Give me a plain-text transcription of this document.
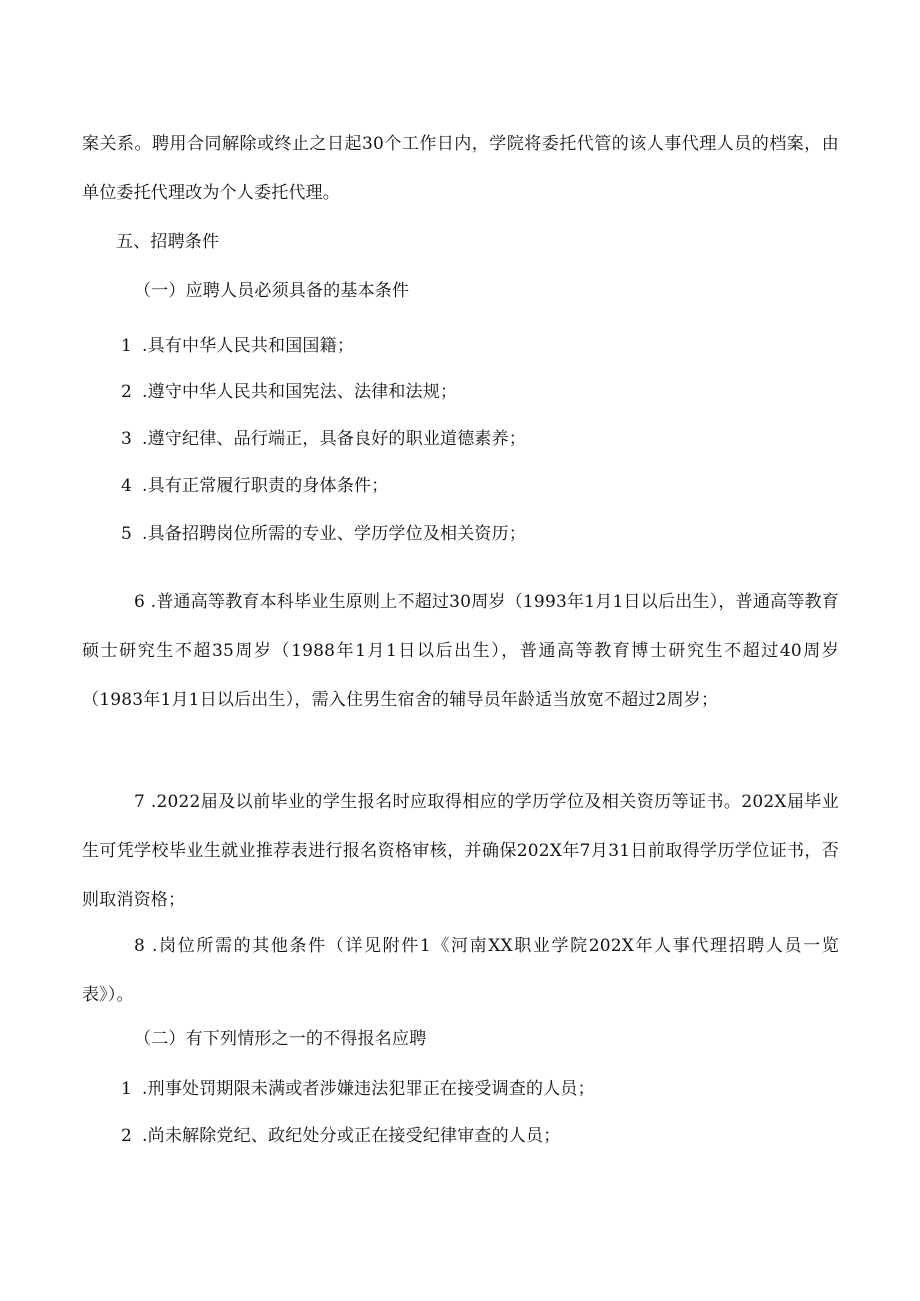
案关系。聘用合同解除或终止之日起30个工作日内，学院将委托代管的该人事代理人员的档案，由单位委托代理改为个人委托代理。

五、招聘条件

（一）应聘人员必须具备的基本条件

1 .具有中华人民共和国国籍；

2 .遵守中华人民共和国宪法、法律和法规；

3 .遵守纪律、品行端正，具备良好的职业道德素养；

4 .具有正常履行职责的身体条件；

5 .具备招聘岗位所需的专业、学历学位及相关资历；

6 .普通高等教育本科毕业生原则上不超过30周岁（1993年1月1日以后出生），普通高等教育硕士研究生不超35周岁（1988年1月1日以后出生），普通高等教育博士研究生不超过40周岁（1983年1月1日以后出生），需入住男生宿舍的辅导员年龄适当放宽不超过2周岁；

7 .2022届及以前毕业的学生报名时应取得相应的学历学位及相关资历等证书。202X届毕业生可凭学校毕业生就业推荐表进行报名资格审核，并确保202X年7月31日前取得学历学位证书，否则取消资格；

8 .岗位所需的其他条件（详见附件1《河南XX职业学院202X年人事代理招聘人员一览表》）。

（二）有下列情形之一的不得报名应聘

1 .刑事处罚期限未满或者涉嫌违法犯罪正在接受调查的人员；

2 .尚未解除党纪、政纪处分或正在接受纪律审查的人员；
